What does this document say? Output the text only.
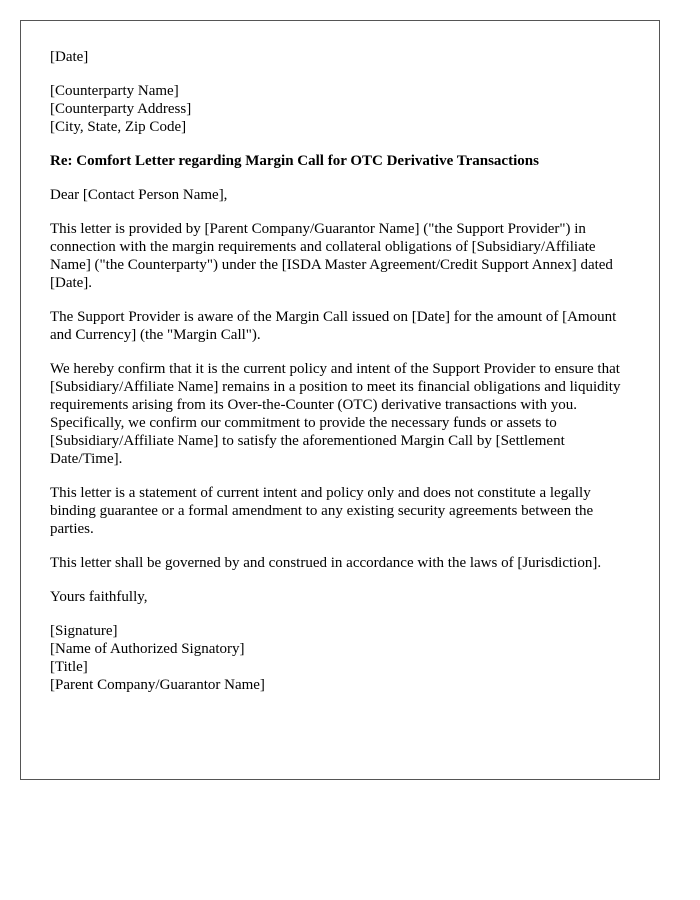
[Date]

[Counterparty Name]
[Counterparty Address]
[City, State, Zip Code]

Re: Comfort Letter regarding Margin Call for OTC Derivative Transactions

Dear [Contact Person Name],

This letter is provided by [Parent Company/Guarantor Name] ("the Support Provider") in connection with the margin requirements and collateral obligations of [Subsidiary/Affiliate Name] ("the Counterparty") under the [ISDA Master Agreement/Credit Support Annex] dated [Date].

The Support Provider is aware of the Margin Call issued on [Date] for the amount of [Amount and Currency] (the "Margin Call").

We hereby confirm that it is the current policy and intent of the Support Provider to ensure that [Subsidiary/Affiliate Name] remains in a position to meet its financial obligations and liquidity requirements arising from its Over-the-Counter (OTC) derivative transactions with you. Specifically, we confirm our commitment to provide the necessary funds or assets to [Subsidiary/Affiliate Name] to satisfy the aforementioned Margin Call by [Settlement Date/Time].

This letter is a statement of current intent and policy only and does not constitute a legally binding guarantee or a formal amendment to any existing security agreements between the parties.

This letter shall be governed by and construed in accordance with the laws of [Jurisdiction].

Yours faithfully,

[Signature]
[Name of Authorized Signatory]
[Title]
[Parent Company/Guarantor Name]
